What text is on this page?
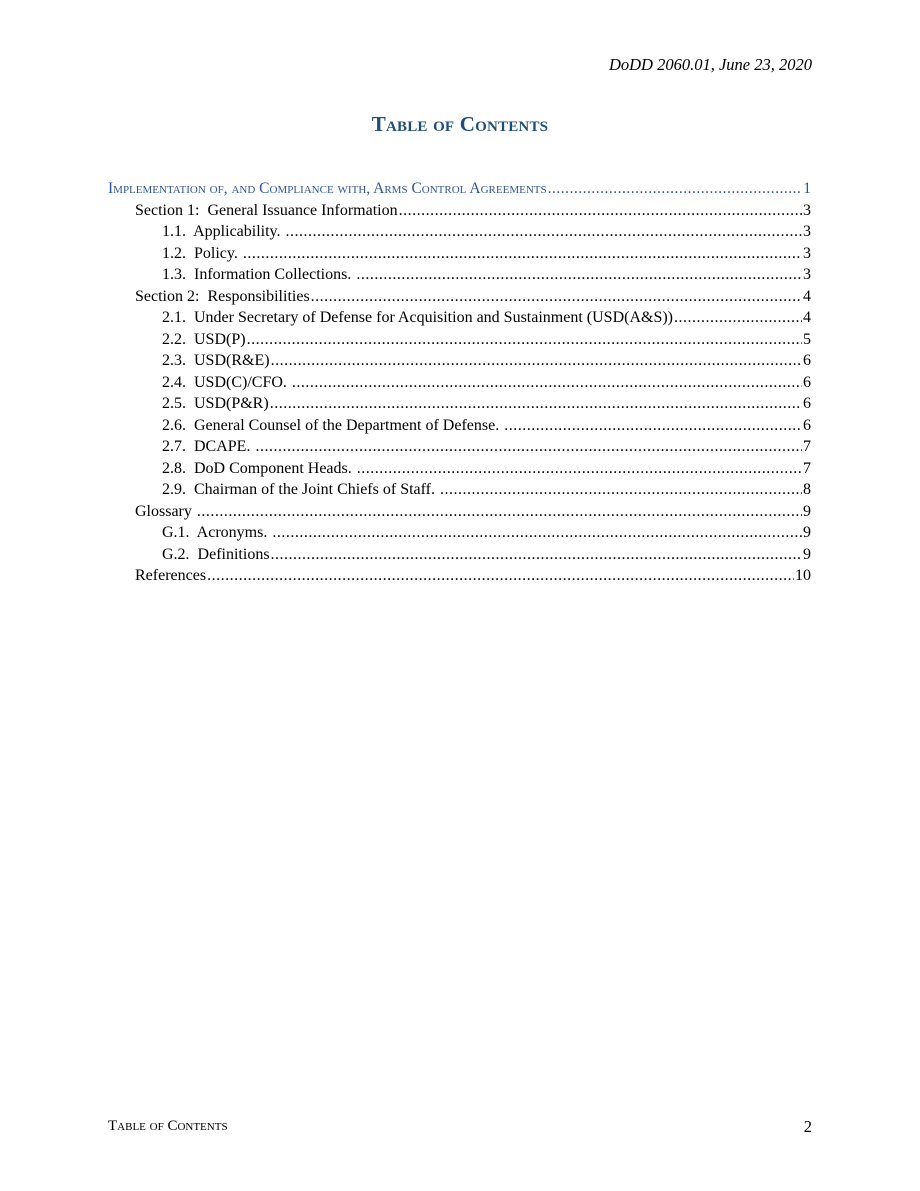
DoDD 2060.01, June 23, 2020
Table of Contents
Implementation of, and Compliance with, Arms Control Agreements .....	1
Section 1:  General Issuance Information .....	3
1.1.  Applicability. .....	3
1.2.  Policy. .....	3
1.3.  Information Collections. .....	3
Section 2:  Responsibilities .....	4
2.1.  Under Secretary of Defense for Acquisition and Sustainment (USD(A&S)) .....	4
2.2.  USD(P) .....	5
2.3.  USD(R&E) .....	6
2.4.  USD(C)/CFO. .....	6
2.5.  USD(P&R) .....	6
2.6.  General Counsel of the Department of Defense. .....	6
2.7.  DCAPE. .....	7
2.8.  DoD Component Heads. .....	7
2.9.  Chairman of the Joint Chiefs of Staff. .....	8
Glossary .....	9
G.1.  Acronyms. .....	9
G.2.  Definitions .....	9
References .....	10
Table of Contents	2
